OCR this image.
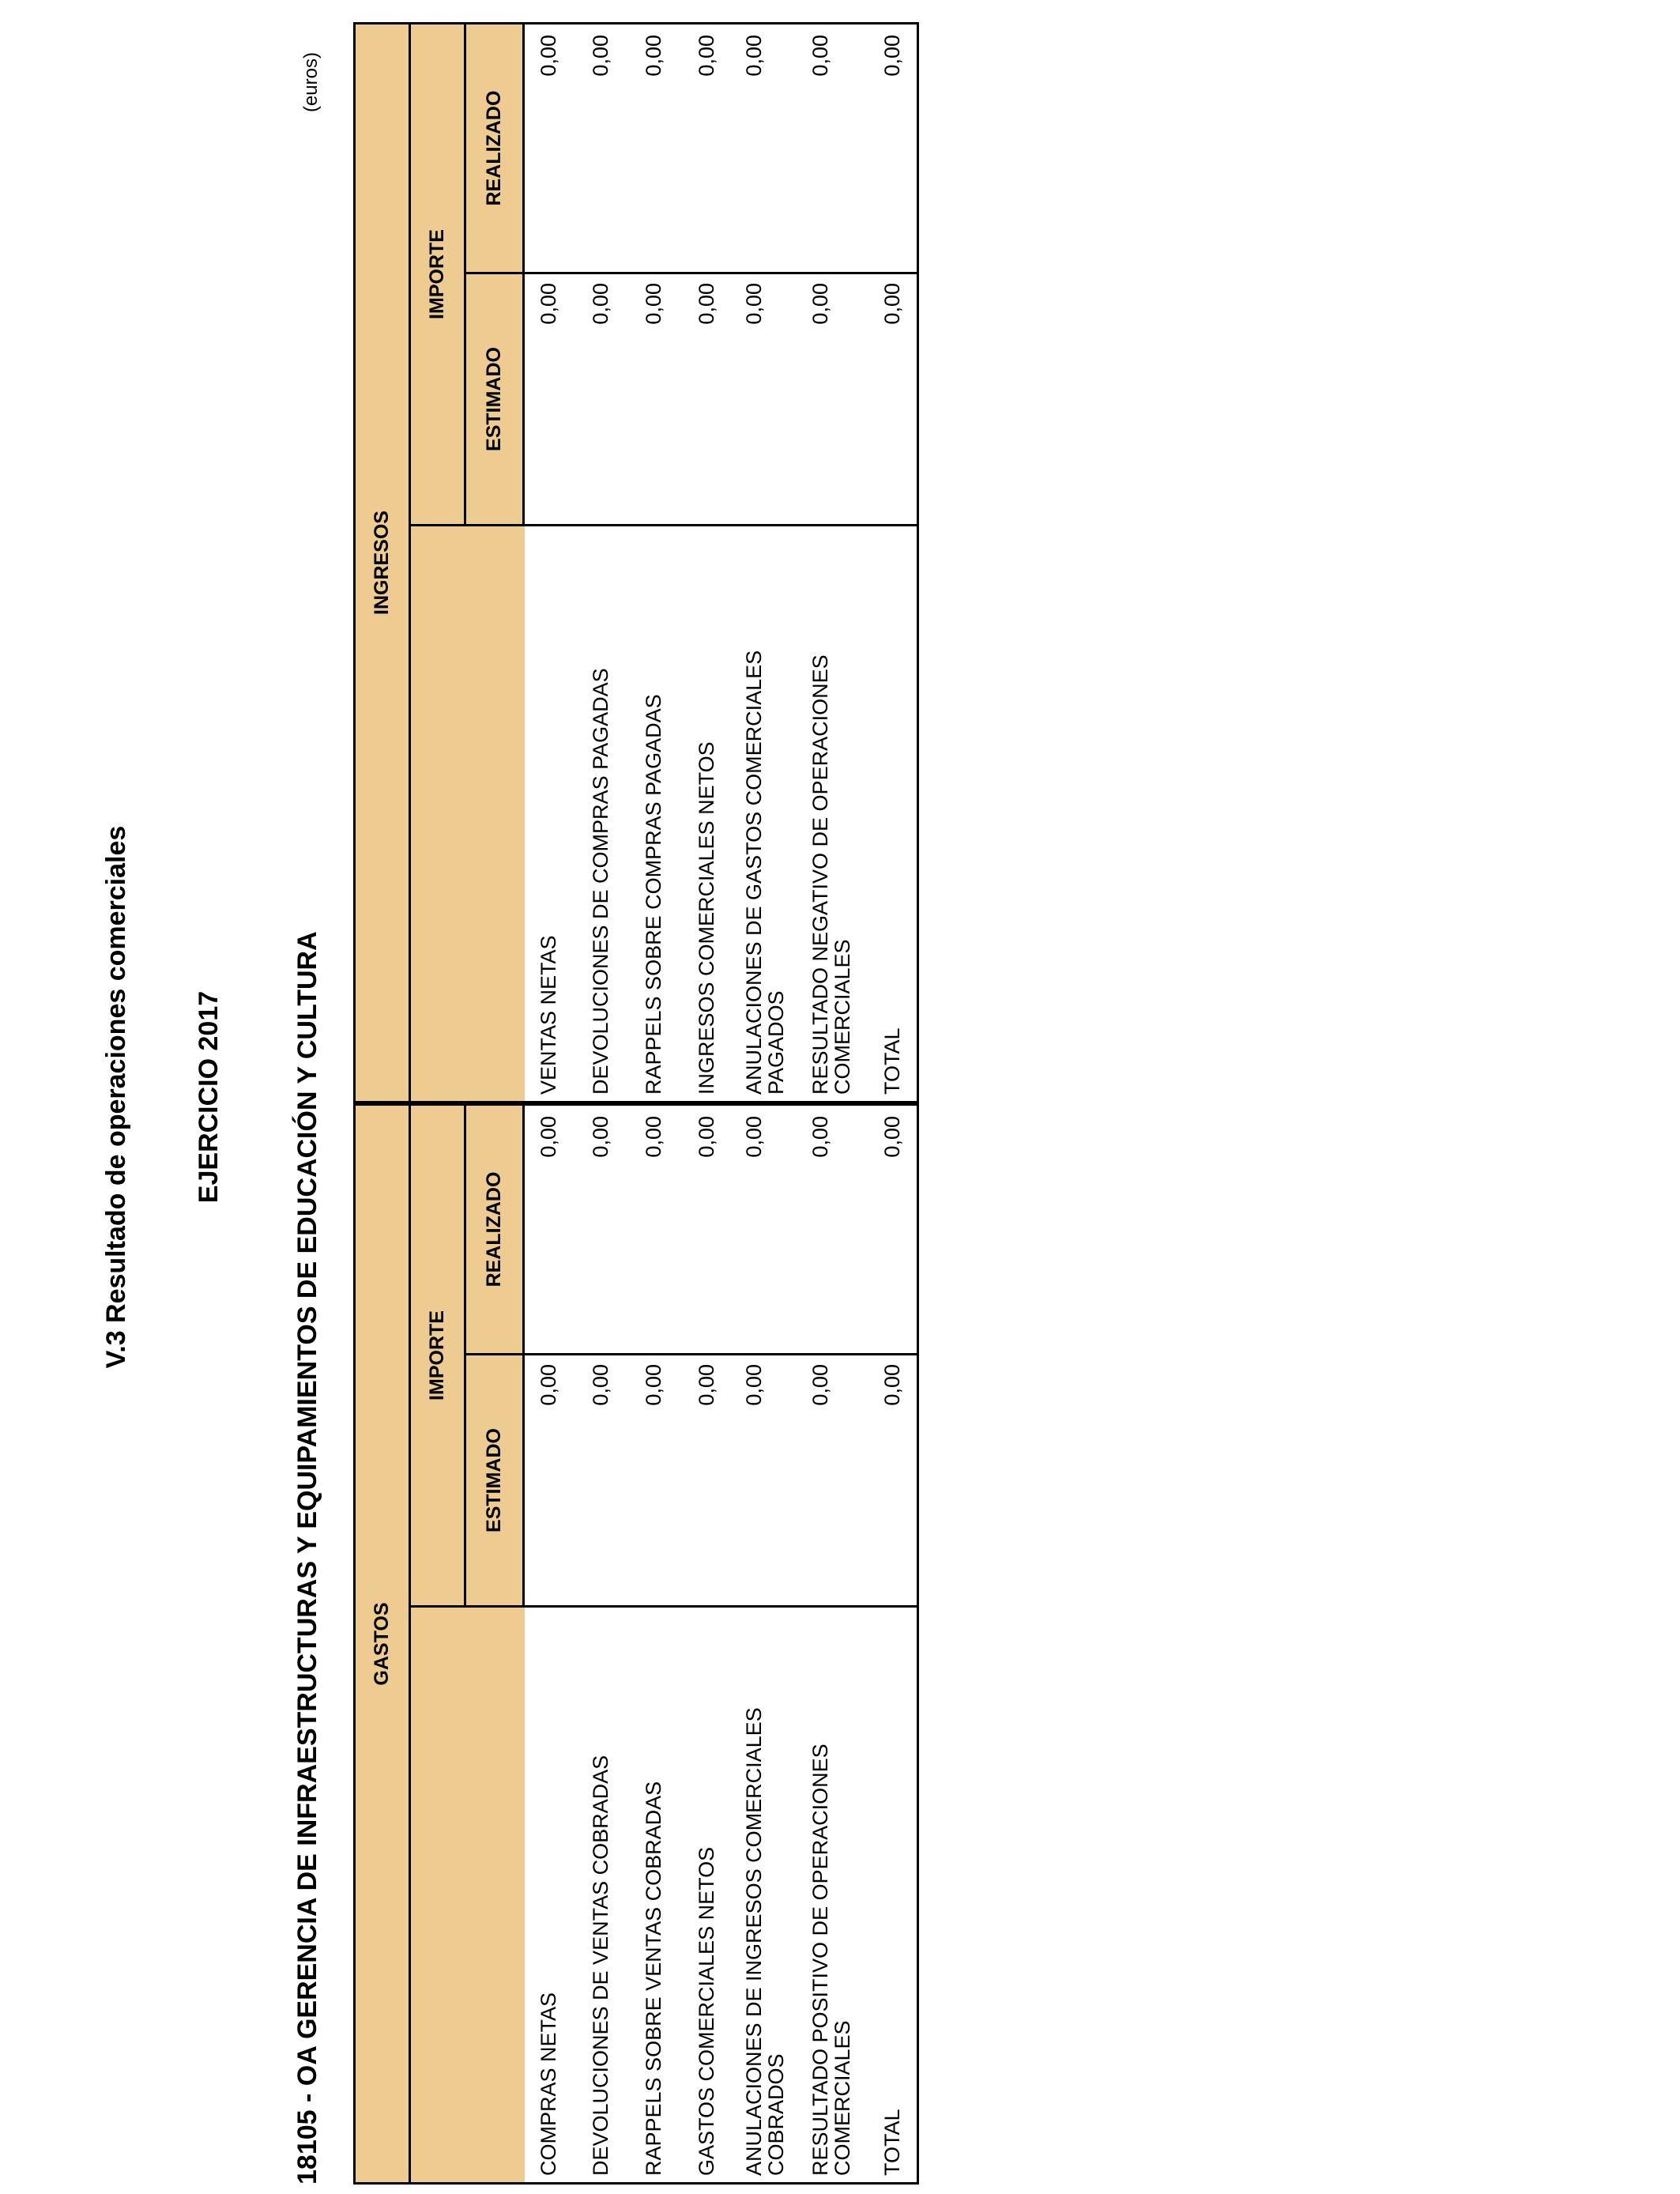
V.3 Resultado de operaciones comerciales EJERCICIO 2017	18105 - OA GERENCIA DE INFRAESTRUCTURAS Y EQUIPAMIENTOS DE EDUCACIÓN Y CULTURA
(euros)
GASTOS
IMPORTE
ESTIMADO
REALIZADO
COMPRAS NETAS
0,00
0,00
DEVOLUCIONES DE VENTAS COBRADAS
0,00
0,00
RAPPELS SOBRE VENTAS COBRADAS
0,00
0,00
GASTOS COMERCIALES NETOS
0,00
0,00
ANULACIONES DE INGRESOS COMERCIALES COBRADOS
0,00
0,00
RESULTADO POSITIVO DE OPERACIONES COMERCIALES
0,00
0,00
TOTAL
0,00
0,00
INGRESOS
IMPORTE
ESTIMADO
REALIZADO
VENTAS NETAS
0,00
0,00
DEVOLUCIONES DE COMPRAS PAGADAS
0,00
0,00
RAPPELS SOBRE COMPRAS PAGADAS
0,00
0,00
INGRESOS COMERCIALES NETOS
0,00
0,00
ANULACIONES DE GASTOS COMERCIALES PAGADOS
0,00
0,00
RESULTADO NEGATIVO DE OPERACIONES COMERCIALES
0,00
0,00
TOTAL
0,00
0,00
